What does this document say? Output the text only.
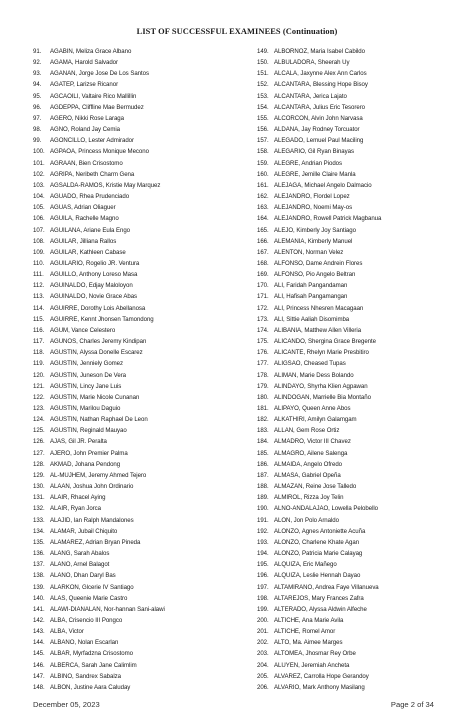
LIST OF SUCCESSFUL EXAMINEES (Continuation)
91. AGABIN, Meliza Grace Albano
92. AGAMA, Harold Salvador
93. AGANAN, Jorge Jose De Los Santos
94. AGATEP, Larizse Ricanor
95. AGCAOILI, Valtaire Rico Mallillin
96. AGDEPPA, Cliffline Mae Bermudez
97. AGERO, Nikki Rose Laraga
98. AGNO, Roland Jay Cemia
99. AGONCILLO, Lester Admirador
100. AGPAOA, Princess Monique Mecono
101. AGRAAN, Bien Crisostomo
102. AGRIPA, Neribeth Charm Gena
103. AGSALDA-RAMOS, Kristie May Marquez
104. AGUADO, Rhea Prudenciado
105. AGUAS, Adrian Oliaguer
106. AGUILA, Rachelle Magno
107. AGUILANA, Ariane Eula Engo
108. AGUILAR, Jilliana Rallos
109. AGUILAR, Kathleen Cabase
110. AGUILARIO, Rogelio JR. Ventura
111. AGUILLO, Anthony Loreso Masa
112. AGUINALDO, Edjay Maloloyon
113. AGUINALDO, Novie Grace Abas
114. AGUIRRE, Dorothy Lois Abellanosa
115. AGUIRRE, Kennt Jhonsen Tamondong
116. AGUM, Vance Celestero
117. AGUNOS, Charles Jeremy Kindipan
118. AGUSTIN, Alyssa Donelle Escarez
119. AGUSTIN, Jenniely Gomez
120. AGUSTIN, Juneson De Vera
121. AGUSTIN, Lincy Jane Luis
122. AGUSTIN, Marie Nicole Cunanan
123. AGUSTIN, Marilou Daguio
124. AGUSTIN, Nathan Raphael De Leon
125. AGUSTIN, Reginald Mauyao
126. AJAS, Gil JR. Peralta
127. AJERO, John Premier Palma
128. AKMAD, Johana Pendong
129. AL-MUJHEM, Jeremy Ahmed Tejero
130. ALAAN, Joshua John Ordinario
131. ALAIR, Rhacel Aying
132. ALAIR, Ryan Jorca
133. ALAJID, Ian Ralph Mandalones
134. ALAMAR, Jubail Chiquito
135. ALAMAREZ, Adrian Bryan Pineda
136. ALANG, Sarah Abalos
137. ALANO, Arnel Balagot
138. ALANO, Dhan Daryl Bas
139. ALARKON, Glcerie IV Santiago
140. ALAS, Queenie Marie Castro
141. ALAWI-DIANALAN, Nor-hannan Sani-alawi
142. ALBA, Crisencio III Pongco
143. ALBA, Victor
144. ALBANO, Nolan Escarlan
145. ALBAR, Myrfadzna Crisostomo
146. ALBERCA, Sarah Jane Calimlim
147. ALBINO, Sandrex Sabalza
148. ALBON, Justine Aara Caluday
149. ALBORNOZ, Maria Isabel Cabildo
150. ALBULADORA, Sheerah Uy
151. ALCALA, Jaxynne Alex Ann Carlos
152. ALCANTARA, Blessing Hope Bisoy
153. ALCANTARA, Jerica Lajato
154. ALCANTARA, Julius Eric Tesorero
155. ALCORCON, Alvin John Narvasa
156. ALDANA, Jay Rodney Torcuator
157. ALEGADO, Lemuel Paul Maciling
158. ALEGARIO, Gil Ryan Binayas
159. ALEGRE, Andrian Piodos
160. ALEGRE, Jemille Claire Manla
161. ALEJAGA, Michael Angelo Dalmacio
162. ALEJANDRO, Flordel Lopez
163. ALEJANDRO, Noemi May-os
164. ALEJANDRO, Rowell Patrick Magbanua
165. ALEJO, Kimberly Joy Santiago
166. ALEMANIA, Kimberly Manuel
167. ALENTON, Norman Velez
168. ALFONSO, Dame Andrein Flores
169. ALFONSO, Pio Angelo Beltran
170. ALI, Faridah Pangandaman
171. ALI, Hafisah Pangamangan
172. ALI, Princess Nhesren Macagaan
173. ALI, Sittie Aaliah Disomimba
174. ALIBANIA, Matthew Allen Villeria
175. ALICANDO, Shergina Grace Bregente
176. ALICANTE, Rhelyn Marie Presbitiro
177. ALIGSAO, Cheased Tupas
178. ALIMAN, Marie Dess Bolando
179. ALINDAYO, Shyrha Klien Agpawan
180. ALINDOGAN, Marrielle Bia Montaño
181. ALIPAYO, Queen Anne Abos
182. ALKATHIRI, Amilyn Galamgam
183. ALLAN, Gem Rose Ortiz
184. ALMADRO, Victor III Chavez
185. ALMAGRO, Ailene Salenga
186. ALMAIDA, Angelo Ofredo
187. ALMASA, Gabriel Opeña
188. ALMAZAN, Reine Jose Talledo
189. ALMIROL, Rizza Joy Telin
190. ALNO-ANDALAJAO, Lowella Pelobello
191. ALON, Jon Polo Arnaldo
192. ALONZO, Agnes Antoniette Acuña
193. ALONZO, Charlene Khate Agan
194. ALONZO, Patricia Marie Calayag
195. ALQUIZA, Eric Mañego
196. ALQUIZA, Leslie Hennah Dayao
197. ALTAMIRANO, Andrea Faye Villanueva
198. ALTAREJOS, Mary Frances Zafra
199. ALTERADO, Alyssa Aldwin Alfeche
200. ALTICHE, Ana Marie Avila
201. ALTICHE, Romel Amor
202. ALTO, Ma. Aimee Marges
203. ALTOMEA, Jhosmar Rey Orbe
204. ALUYEN, Jeremiah Ancheta
205. ALVAREZ, Carrolla Hope Gerandoy
206. ALVARIO, Mark Anthony Masilang
December 05, 2023	Page 2 of 34
